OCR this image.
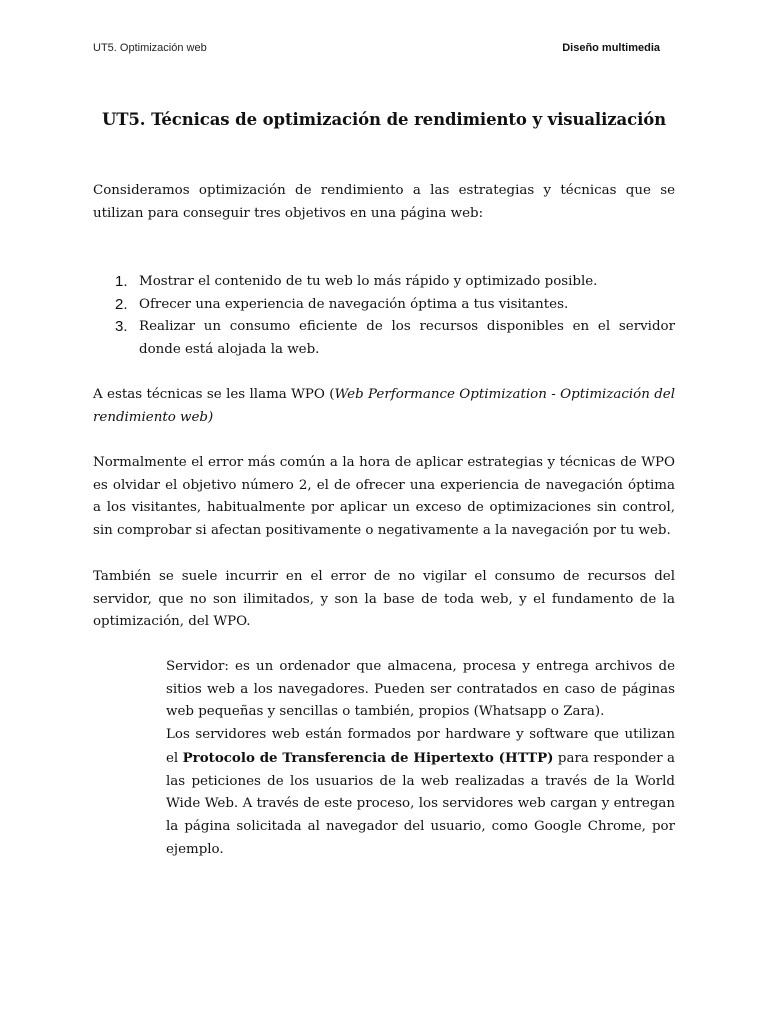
UT5. Optimización web	Diseño multimedia
UT5. Técnicas de optimización de rendimiento y visualización

Consideramos optimización de rendimiento a las estrategias y técnicas que se utilizan para conseguir tres objetivos en una página web:

1. Mostrar el contenido de tu web lo más rápido y optimizado posible.
2. Ofrecer una experiencia de navegación óptima a tus visitantes.
3. Realizar un consumo eficiente de los recursos disponibles en el servidor donde está alojada la web.

A estas técnicas se les llama WPO (Web Performance Optimization - Optimización del rendimiento web)

Normalmente el error más común a la hora de aplicar estrategias y técnicas de WPO es olvidar el objetivo número 2, el de ofrecer una experiencia de navegación óptima a los visitantes, habitualmente por aplicar un exceso de optimizaciones sin control, sin comprobar si afectan positivamente o negativamente a la navegación por tu web.

También se suele incurrir en el error de no vigilar el consumo de recursos del servidor, que no son ilimitados, y son la base de toda web, y el fundamento de la optimización, del WPO.

Servidor: es un ordenador que almacena, procesa y entrega archivos de sitios web a los navegadores. Pueden ser contratados en caso de páginas web pequeñas y sencillas o también, propios (Whatsapp o Zara).

Los servidores web están formados por hardware y software que utilizan el Protocolo de Transferencia de Hipertexto (HTTP) para responder a las peticiones de los usuarios de la web realizadas a través de la World Wide Web. A través de este proceso, los servidores web cargan y entregan la página solicitada al navegador del usuario, como Google Chrome, por ejemplo.
